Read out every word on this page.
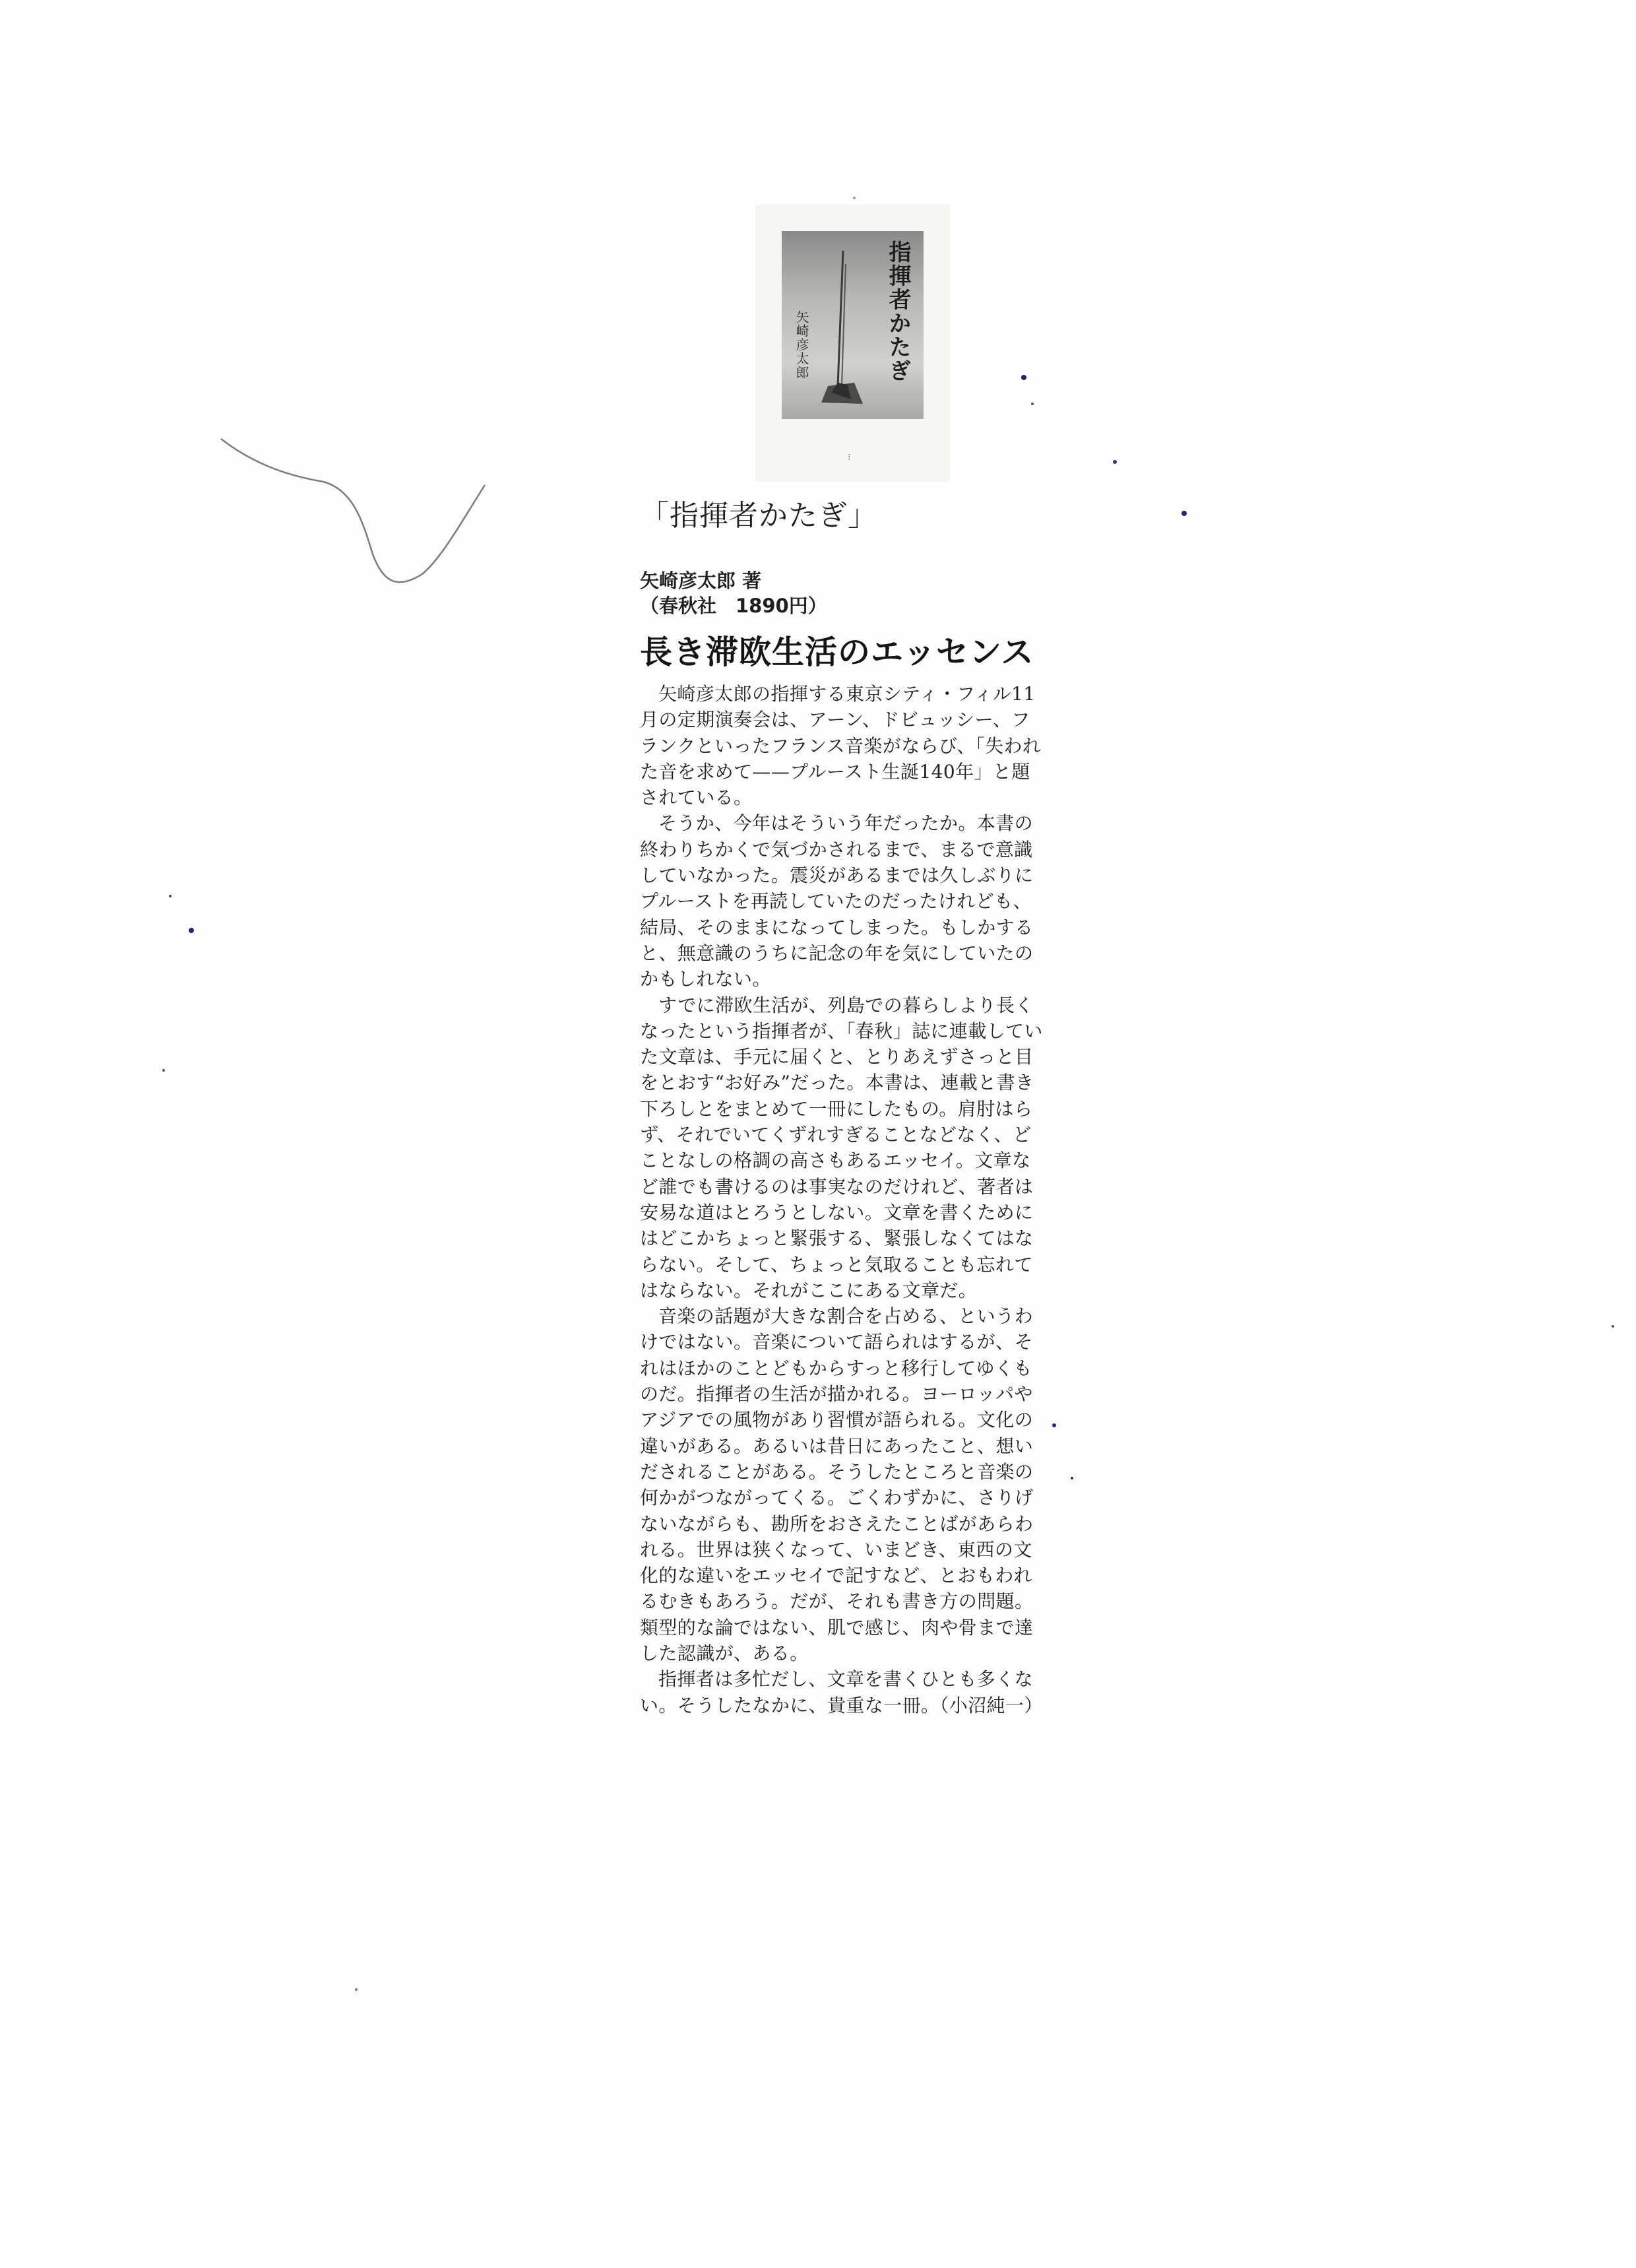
指揮者かたぎ
矢崎彦太郎
⁝
「指揮者かたぎ」
矢崎彦太郎 著
（春秋社　1890円）
長き滞欧生活のエッセンス

矢崎彦太郎の指揮する東京シティ・フィル11月の定期演奏会は、アーン、ドビュッシー、フランクといったフランス音楽がならび、「失われた音を求めて——プルースト生誕140年」と題されている。

そうか、今年はそういう年だったか。本書の終わりちかくで気づかされるまで、まるで意識していなかった。震災があるまでは久しぶりにプルーストを再読していたのだったけれども、結局、そのままになってしまった。もしかすると、無意識のうちに記念の年を気にしていたのかもしれない。

すでに滞欧生活が、列島での暮らしより長くなったという指揮者が、「春秋」誌に連載していた文章は、手元に届くと、とりあえずさっと目をとおす“お好み”だった。本書は、連載と書き下ろしとをまとめて一冊にしたもの。肩肘はらず、それでいてくずれすぎることなどなく、どことなしの格調の高さもあるエッセイ。文章など誰でも書けるのは事実なのだけれど、著者は安易な道はとろうとしない。文章を書くためにはどこかちょっと緊張する、緊張しなくてはならない。そして、ちょっと気取ることも忘れてはならない。それがここにある文章だ。

音楽の話題が大きな割合を占める、というわけではない。音楽について語られはするが、それはほかのことどもからすっと移行してゆくものだ。指揮者の生活が描かれる。ヨーロッパやアジアでの風物があり習慣が語られる。文化の違いがある。あるいは昔日にあったこと、想いだされることがある。そうしたところと音楽の何かがつながってくる。ごくわずかに、さりげないながらも、勘所をおさえたことばがあらわれる。世界は狭くなって、いまどき、東西の文化的な違いをエッセイで記すなど、とおもわれるむきもあろう。だが、それも書き方の問題。類型的な論ではない、肌で感じ、肉や骨まで達した認識が、ある。

指揮者は多忙だし、文章を書くひとも多くない。そうしたなかに、貴重な一冊。（小沼純一）
